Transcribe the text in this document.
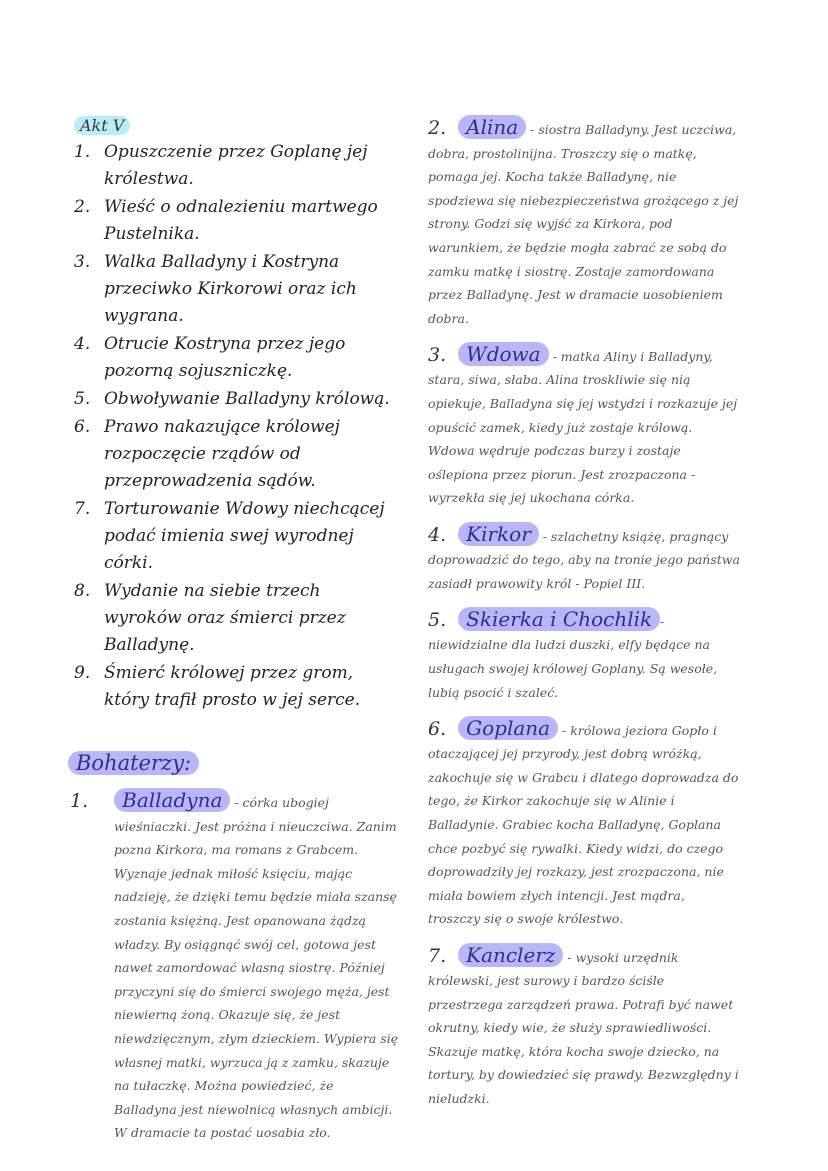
Akt V
1. Opuszczenie przez Goplanę jej królestwa.
2. Wieść o odnalezieniu martwego Pustelnika.
3. Walka Balladyny i Kostryna przeciwko Kirkorowi oraz ich wygrana.
4. Otrucie Kostryna przez jego pozorną sojuszniczkę.
5. Obwoływanie Balladyny królową.
6. Prawo nakazujące królowej rozpoczęcie rządów od przeprowadzenia sądów.
7. Torturowanie Wdowy niechcącej podać imienia swej wyrodnej córki.
8. Wydanie na siebie trzech wyroków oraz śmierci przez Balladynę.
9. Śmierć królowej przez grom, który trafił prosto w jej serce.
Bohaterzy:

1. Balladyna - córka ubogiej wieśniaczki. Jest próżna i nieuczciwa. Zanim pozna Kirkora, ma romans z Grabcem. Wyznaje jednak miłość księciu, mając nadzieję, że dzięki temu będzie miała szansę zostania księżną. Jest opanowana żądzą władzy. By osiągnąć swój cel, gotowa jest nawet zamordować własną siostrę. Później przyczyni się do śmierci swojego męża, jest niewierną żoną. Okazuje się, że jest niewdzięcznym, złym dzieckiem. Wypiera się własnej matki, wyrzuca ją z zamku, skazuje na tułaczkę. Można powiedzieć, że Balladyna jest niewolnicą własnych ambicji. W dramacie ta postać uosabia zło.

2. Alina - siostra Balladyny. Jest uczciwa, dobra, prostolinijna. Troszczy się o matkę, pomaga jej. Kocha także Balladynę, nie spodziewa się niebezpieczeństwa grożącego z jej strony. Godzi się wyjść za Kirkora, pod warunkiem, że będzie mogła zabrać ze sobą do zamku matkę i siostrę. Zostaje zamordowana przez Balladynę. Jest w dramacie uosobieniem dobra.

3. Wdowa - matka Aliny i Balladyny, stara, siwa, słaba. Alina troskliwie się nią opiekuje, Balladyna się jej wstydzi i rozkazuje jej opuścić zamek, kiedy już zostaje królową. Wdowa wędruje podczas burzy i zostaje oślepiona przez piorun. Jest zrozpaczona - wyrzekła się jej ukochana córka.

4. Kirkor - szlachetny książę, pragnący doprowadzić do tego, aby na tronie jego państwa zasiadł prawowity król - Popiel III.

5. Skierka i Chochlik - niewidzialne dla ludzi duszki, elfy będące na usługach swojej królowej Goplany. Są wesołe, lubią psocić i szaleć.

6. Goplana - królowa jeziora Gopło i otaczającej jej przyrody, jest dobrą wróżką, zakochuje się w Grabcu i dlatego doprowadza do tego, że Kirkor zakochuje się w Alinie i Balladynie. Grabiec kocha Balladynę, Goplana chce pozbyć się rywalki. Kiedy widzi, do czego doprowadziły jej rozkazy, jest zrozpaczona, nie miała bowiem złych intencji. Jest mądra, troszczy się o swoje królestwo.

7. Kanclerz - wysoki urzędnik królewski, jest surowy i bardzo ściśle przestrzega zarządzeń prawa. Potrafi być nawet okrutny, kiedy wie, że służy sprawiedliwości. Skazuje matkę, która kocha swoje dziecko, na tortury, by dowiedzieć się prawdy. Bezwzględny i nieludzki.
